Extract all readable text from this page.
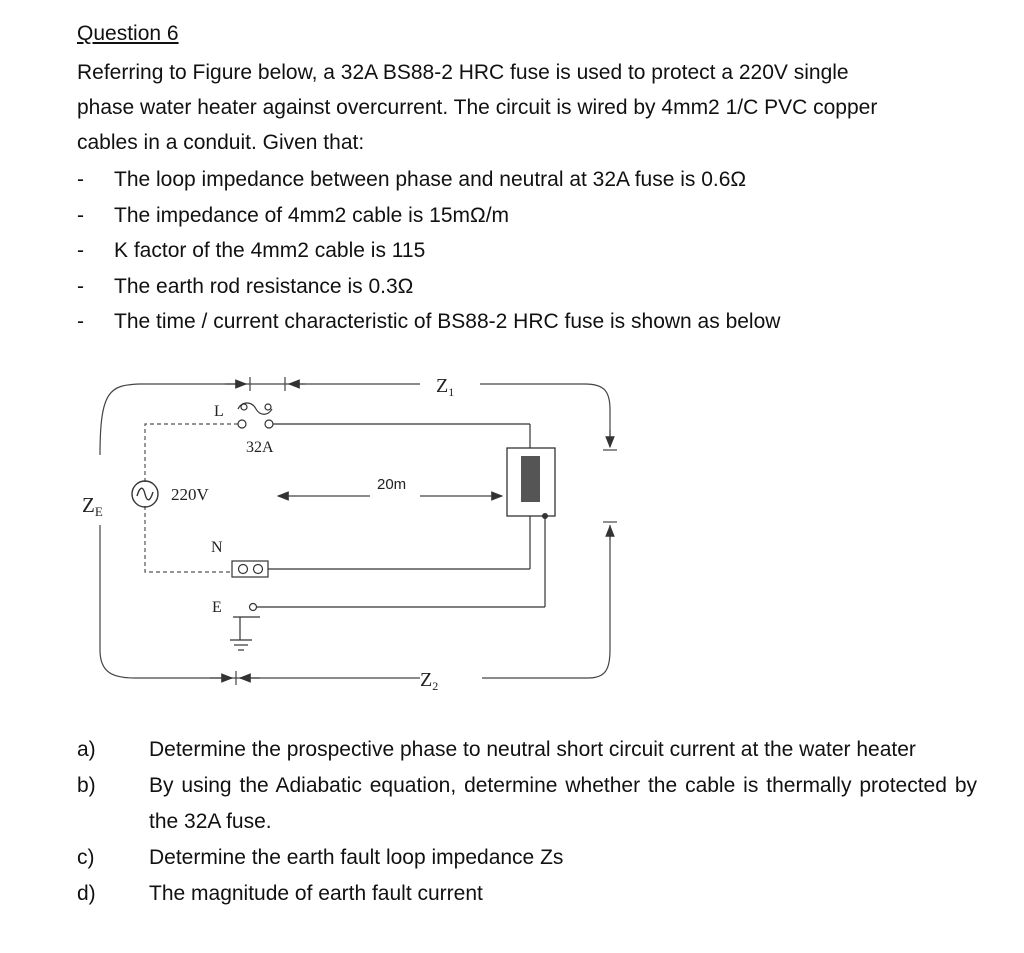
Question 6

Referring to Figure below, a 32A BS88-2 HRC fuse is used to protect a 220V single

phase water heater against overcurrent. The circuit is wired by 4mm2 1/C PVC copper

cables in a conduit. Given that:

- The loop impedance between phase and neutral at 32A fuse is 0.6Ω
- The impedance of 4mm2 cable is 15mΩ/m
- K factor of the 4mm2 cable is 115
- The earth rod resistance is 0.3Ω
- The time / current characteristic of BS88-2 HRC fuse is shown as below
$Z_1$
$Z_2$
ZE
220V
L
32A
N
E
20m
a)	Determine the prospective phase to neutral short circuit current at the water heater
b)	By using the Adiabatic equation, determine whether the cable is thermally protected by the 32A fuse.
c)	Determine the earth fault loop impedance Zs
d)	The magnitude of earth fault current
